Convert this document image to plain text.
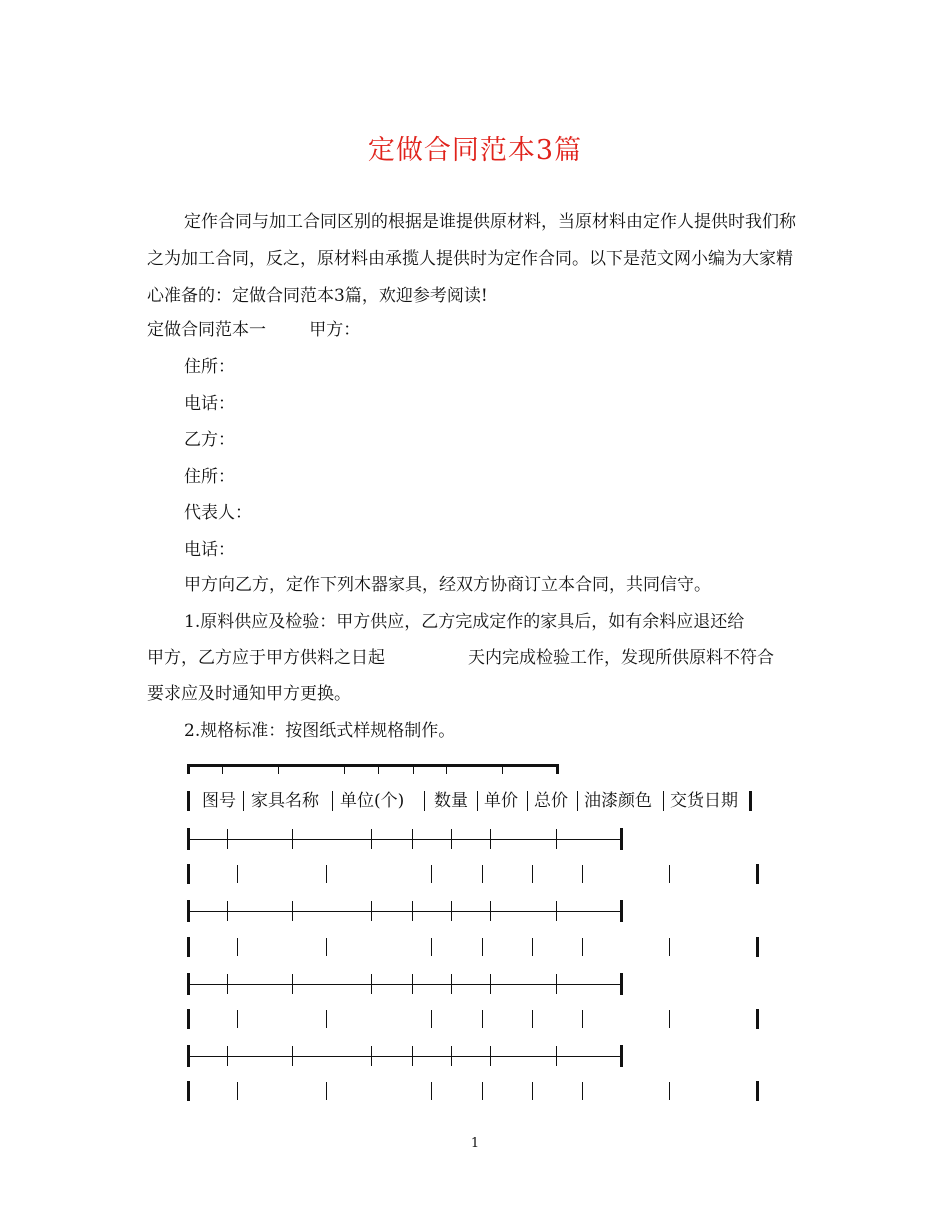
定做合同范本3篇
定作合同与加工合同区别的根据是谁提供原材料，当原材料由定作人提供时我们称之为加工合同，反之，原材料由承揽人提供时为定作合同。以下是范文网小编为大家精心准备的：定做合同范本3篇，欢迎参考阅读!
定做合同范本一	甲方：
住所：
电话：
乙方：
住所：
代表人：
电话：
甲方向乙方，定作下列木器家具，经双方协商订立本合同，共同信守。
1.原料供应及检验：甲方供应，乙方完成定作的家具后，如有余料应退还给
甲方，乙方应于甲方供料之日起	天内完成检验工作，发现所供原料不符合
要求应及时通知甲方更换。
2.规格标准：按图纸式样规格制作。
图号 家具名称 单位(个) 数量 单价 总价 油漆颜色 交货日期
1
